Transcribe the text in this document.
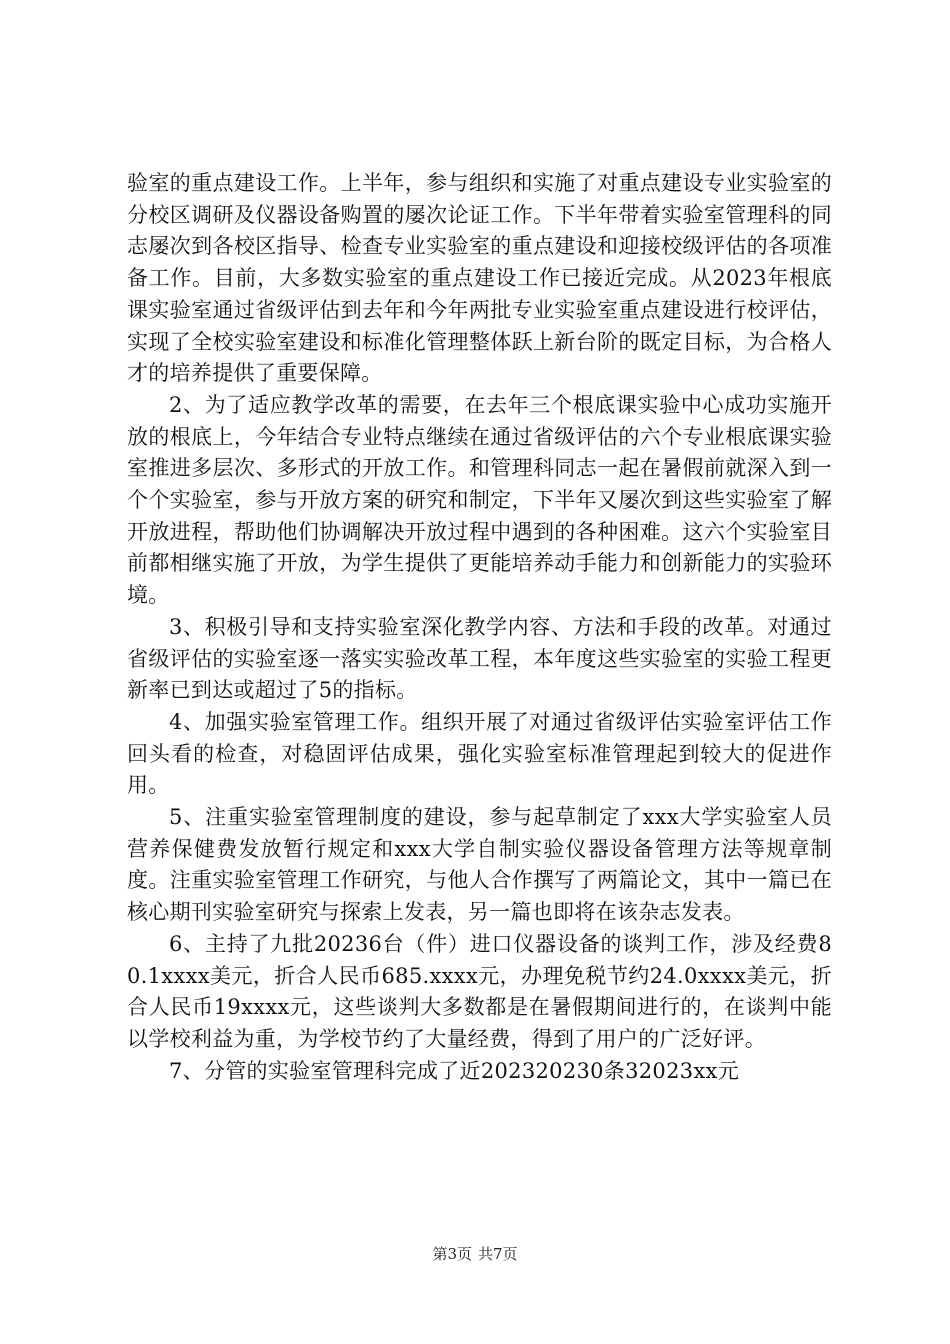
验室的重点建设工作。上半年，参与组织和实施了对重点建设专业实验室的分校区调研及仪器设备购置的屡次论证工作。下半年带着实验室管理科的同志屡次到各校区指导、检查专业实验室的重点建设和迎接校级评估的各项准备工作。目前，大多数实验室的重点建设工作已接近完成。从2023年根底课实验室通过省级评估到去年和今年两批专业实验室重点建设进行校评估，实现了全校实验室建设和标准化管理整体跃上新台阶的既定目标，为合格人才的培养提供了重要保障。

2、为了适应教学改革的需要，在去年三个根底课实验中心成功实施开放的根底上，今年结合专业特点继续在通过省级评估的六个专业根底课实验室推进多层次、多形式的开放工作。和管理科同志一起在暑假前就深入到一个个实验室，参与开放方案的研究和制定，下半年又屡次到这些实验室了解开放进程，帮助他们协调解决开放过程中遇到的各种困难。这六个实验室目前都相继实施了开放，为学生提供了更能培养动手能力和创新能力的实验环境。

3、积极引导和支持实验室深化教学内容、方法和手段的改革。对通过省级评估的实验室逐一落实实验改革工程，本年度这些实验室的实验工程更新率已到达或超过了5的指标。

4、加强实验室管理工作。组织开展了对通过省级评估实验室评估工作回头看的检查，对稳固评估成果，强化实验室标准管理起到较大的促进作用。

5、注重实验室管理制度的建设，参与起草制定了xxx大学实验室人员营养保健费发放暂行规定和xxx大学自制实验仪器设备管理方法等规章制度。注重实验室管理工作研究，与他人合作撰写了两篇论文，其中一篇已在核心期刊实验室研究与探索上发表，另一篇也即将在该杂志发表。

6、主持了九批20236台（件）进口仪器设备的谈判工作，涉及经费80.1xxxx美元，折合人民币685.xxxx元，办理免税节约24.0xxxx美元，折合人民币19xxxx元，这些谈判大多数都是在暑假期间进行的，在谈判中能以学校利益为重，为学校节约了大量经费，得到了用户的广泛好评。

7、分管的实验室管理科完成了近202320230条32023xx元

第3页 共7页
